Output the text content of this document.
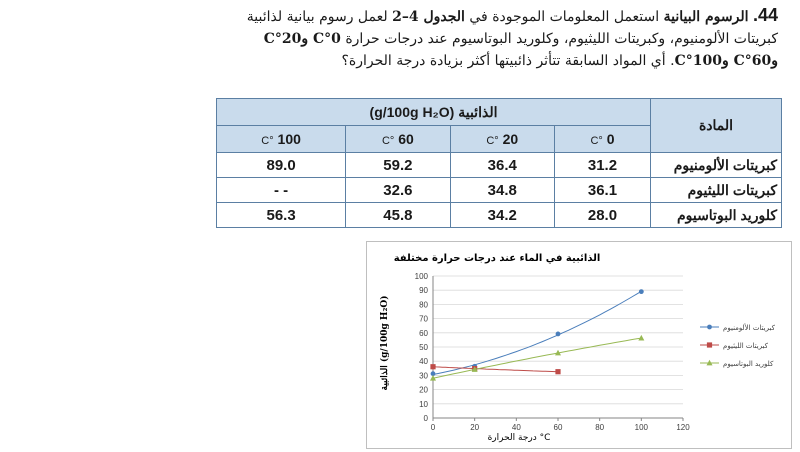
44. الرسوم البيانية استعمل المعلومات الموجودة في الجدول 4–2 لعمل رسوم بيانية لذائبية كبريتات الألومنيوم، وكبريتات الليثيوم، وكلوريد البوتاسيوم عند درجات حرارة 0°C و20°C و60°C و100°C. أي المواد السابقة تتأثر ذائبيتها أكثر بزيادة درجة الحرارة؟
المادة	الذائبية (g/100g H₂O)			
	0 °C	20 °C	60 °C	100 °C
كبريتات الألومنيوم	31.2	36.4	59.2	89.0
كبريتات الليثيوم	36.1	34.8	32.6	- -
كلوريد البوتاسيوم	28.0	34.2	45.8	56.3
الذائبية في الماء عند درجات حرارة مختلفة
الذائبية (g/100g H₂O)
درجة الحرارة °C
0
10
20
30
40
50
60
70
80
90
100
0	20	40	60	80	100	120
كبريتات الألومنيوم
كبريتات الليثيوم
كلوريد البوتاسيوم
